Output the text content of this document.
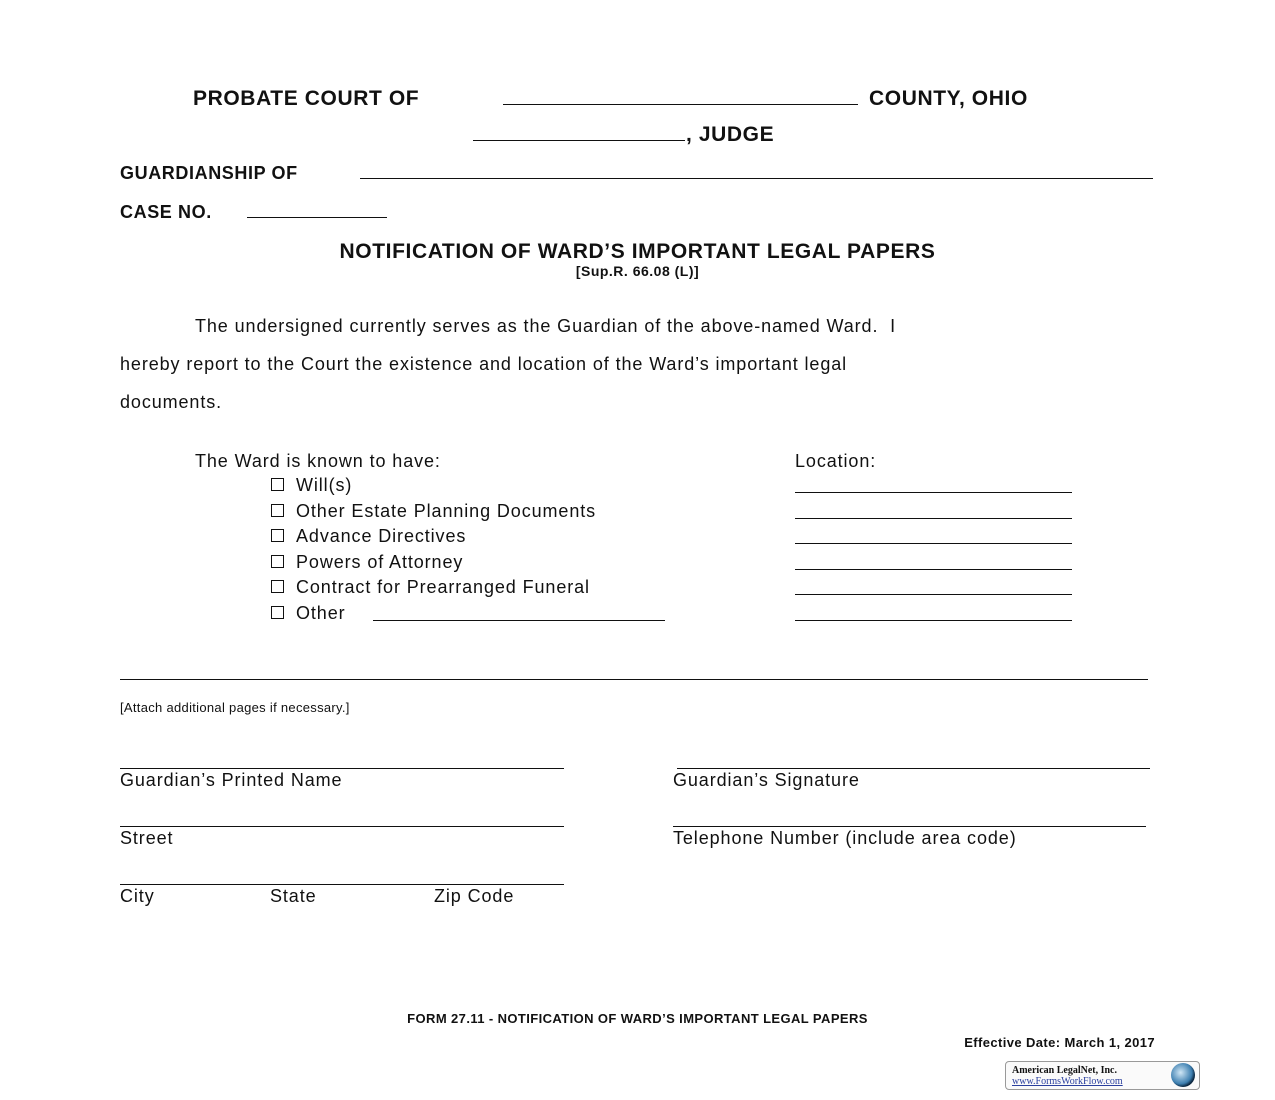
PROBATE COURT OF	COUNTY, OHIO
, JUDGE
GUARDIANSHIP OF
CASE NO.
NOTIFICATION OF WARD’S IMPORTANT LEGAL PAPERS
[Sup.R. 66.08 (L)]
The undersigned currently serves as the Guardian of the above-named Ward.  I
hereby report to the Court the existence and location of the Ward’s important legal
documents.
The Ward is known to have:	Location:
Will(s)
Other Estate Planning Documents
Advance Directives
Powers of Attorney
Contract for Prearranged Funeral
Other
[Attach additional pages if necessary.]
Guardian’s Printed Name	Guardian’s Signature
Street	Telephone Number (include area code)
City	State	Zip Code
FORM 27.11 - NOTIFICATION OF WARD’S IMPORTANT LEGAL PAPERS
Effective Date: March 1, 2017
American LegalNet, Inc.
www.FormsWorkFlow.com
